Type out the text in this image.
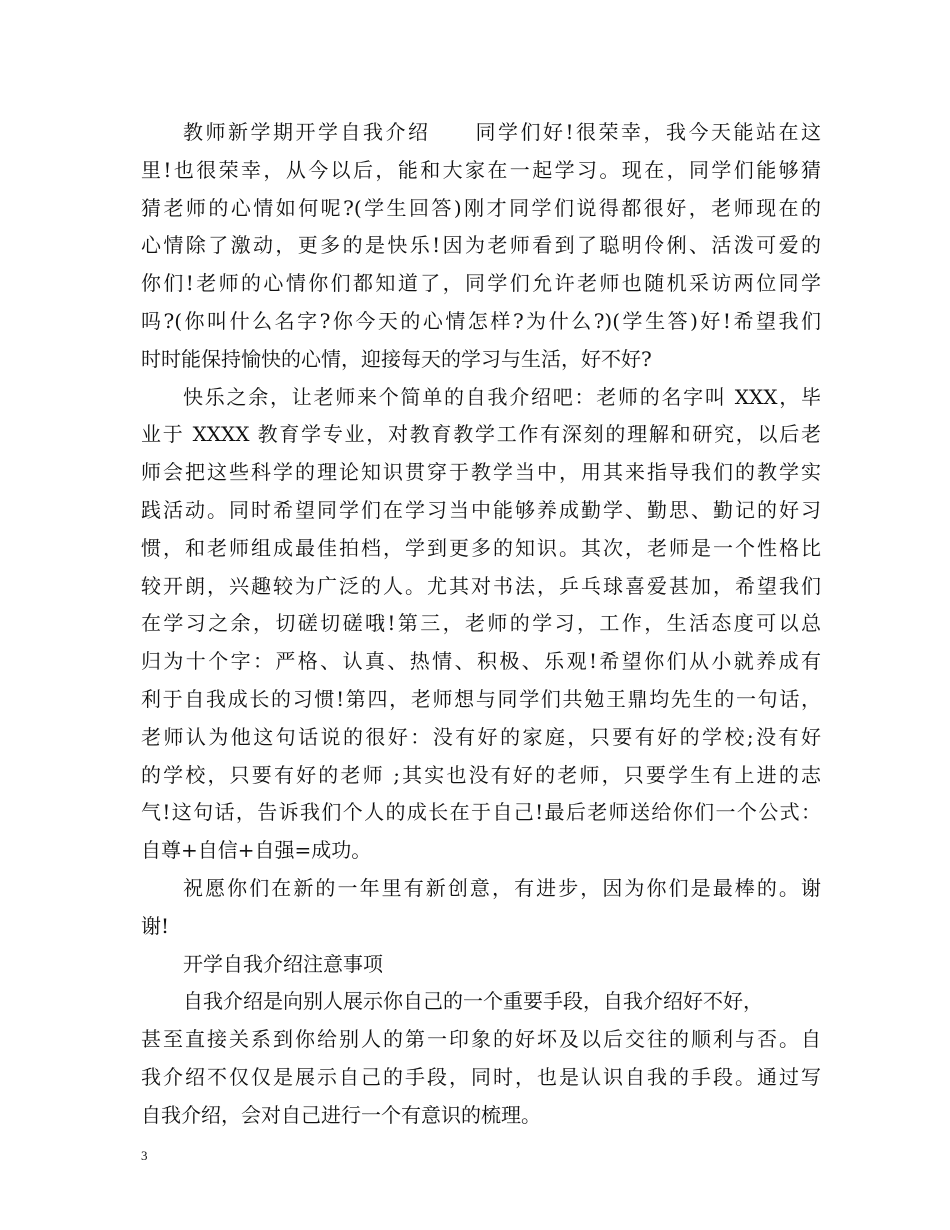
教师新学期开学自我介绍　　同学们好!很荣幸，我今天能站在这
里!也很荣幸，从今以后，能和大家在一起学习。现在，同学们能够猜
猜老师的心情如何呢?(学生回答)刚才同学们说得都很好，老师现在的
心情除了激动，更多的是快乐!因为老师看到了聪明伶俐、活泼可爱的
你们!老师的心情你们都知道了，同学们允许老师也随机采访两位同学
吗?(你叫什么名字?你今天的心情怎样?为什么?)(学生答)好!希望我们
时时能保持愉快的心情，迎接每天的学习与生活，好不好?
快乐之余，让老师来个简单的自我介绍吧：老师的名字叫 XXX，毕
业于 XXXX 教育学专业，对教育教学工作有深刻的理解和研究，以后老
师会把这些科学的理论知识贯穿于教学当中，用其来指导我们的教学实
践活动。同时希望同学们在学习当中能够养成勤学、勤思、勤记的好习
惯，和老师组成最佳拍档，学到更多的知识。其次，老师是一个性格比
较开朗，兴趣较为广泛的人。尤其对书法，乒乓球喜爱甚加，希望我们
在学习之余，切磋切磋哦!第三，老师的学习，工作，生活态度可以总
归为十个字：严格、认真、热情、积极、乐观!希望你们从小就养成有
利于自我成长的习惯!第四，老师想与同学们共勉王鼎均先生的一句话，
老师认为他这句话说的很好：没有好的家庭，只要有好的学校;没有好
的学校，只要有好的老师 ;其实也没有好的老师，只要学生有上进的志
气!这句话，告诉我们个人的成长在于自己!最后老师送给你们一个公式：
自尊+自信+自强=成功。
祝愿你们在新的一年里有新创意，有进步，因为你们是最棒的。谢
谢!
开学自我介绍注意事项
自我介绍是向别人展示你自己的一个重要手段，自我介绍好不好，
甚至直接关系到你给别人的第一印象的好坏及以后交往的顺利与否。自
我介绍不仅仅是展示自己的手段，同时，也是认识自我的手段。通过写
自我介绍，会对自己进行一个有意识的梳理。
3
